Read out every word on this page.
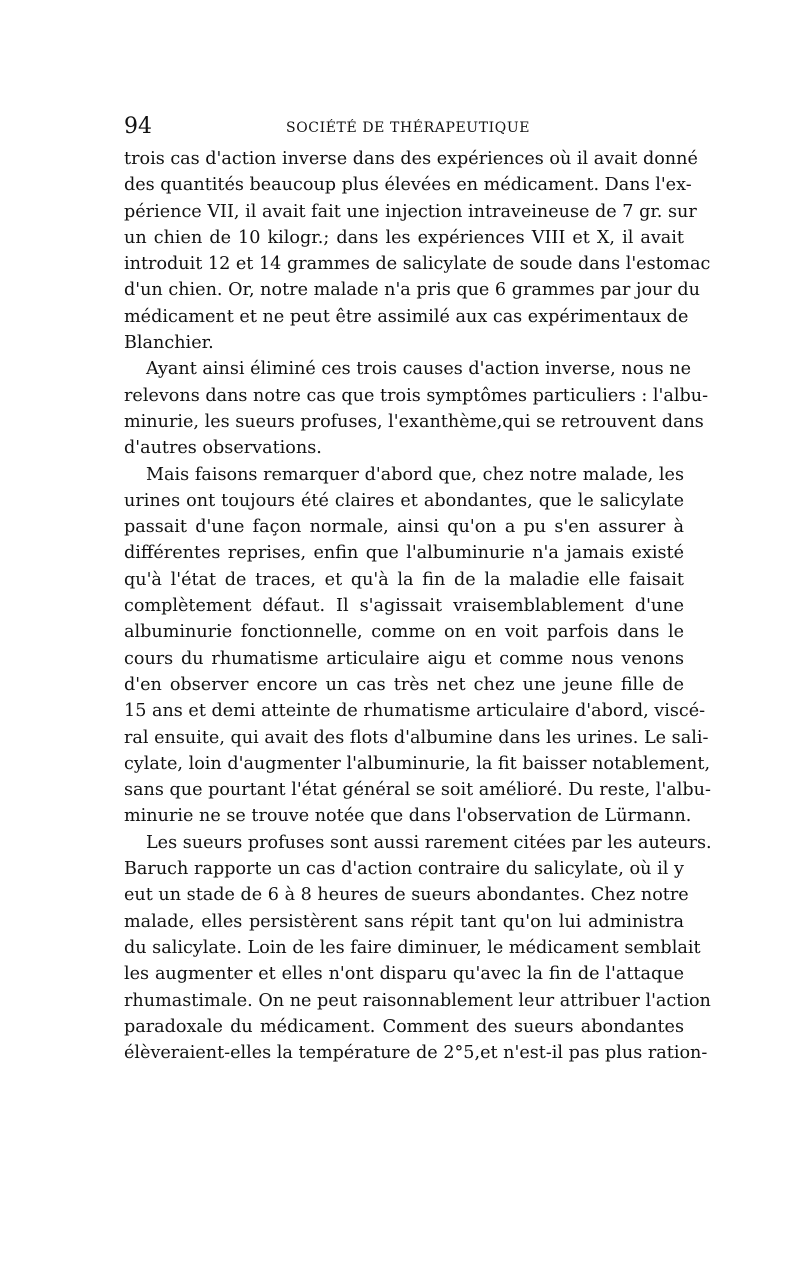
94	SOCIÉTÉ DE THÉRAPEUTIQUE
trois cas d'action inverse dans des expériences où il avait donné
des quantités beaucoup plus élevées en médicament. Dans l'ex-
périence VII, il avait fait une injection intraveineuse de 7 gr. sur
un chien de 10 kilogr.; dans les expériences VIII et X, il avait
introduit 12 et 14 grammes de salicylate de soude dans l'estomac
d'un chien. Or, notre malade n'a pris que 6 grammes par jour du
médicament et ne peut être assimilé aux cas expérimentaux de
Blanchier.
Ayant ainsi éliminé ces trois causes d'action inverse, nous ne
relevons dans notre cas que trois symptômes particuliers : l'albu-
minurie, les sueurs profuses, l'exanthème,qui se retrouvent dans
d'autres observations.
Mais faisons remarquer d'abord que, chez notre malade, les
urines ont toujours été claires et abondantes, que le salicylate
passait d'une façon normale, ainsi qu'on a pu s'en assurer à
différentes reprises, enfin que l'albuminurie n'a jamais existé
qu'à l'état de traces, et qu'à la fin de la maladie elle faisait
complètement défaut. Il s'agissait vraisemblablement d'une
albuminurie fonctionnelle, comme on en voit parfois dans le
cours du rhumatisme articulaire aigu et comme nous venons
d'en observer encore un cas très net chez une jeune fille de
15 ans et demi atteinte de rhumatisme articulaire d'abord, viscé-
ral ensuite, qui avait des flots d'albumine dans les urines. Le sali-
cylate, loin d'augmenter l'albuminurie, la fit baisser notablement,
sans que pourtant l'état général se soit amélioré. Du reste, l'albu-
minurie ne se trouve notée que dans l'observation de Lürmann.
Les sueurs profuses sont aussi rarement citées par les auteurs.
Baruch rapporte un cas d'action contraire du salicylate, où il y
eut un stade de 6 à 8 heures de sueurs abondantes. Chez notre
malade, elles persistèrent sans répit tant qu'on lui administra
du salicylate. Loin de les faire diminuer, le médicament semblait
les augmenter et elles n'ont disparu qu'avec la fin de l'attaque
rhumastimale. On ne peut raisonnablement leur attribuer l'action
paradoxale du médicament. Comment des sueurs abondantes
élèveraient-elles la température de 2°5,et n'est-il pas plus ration-
